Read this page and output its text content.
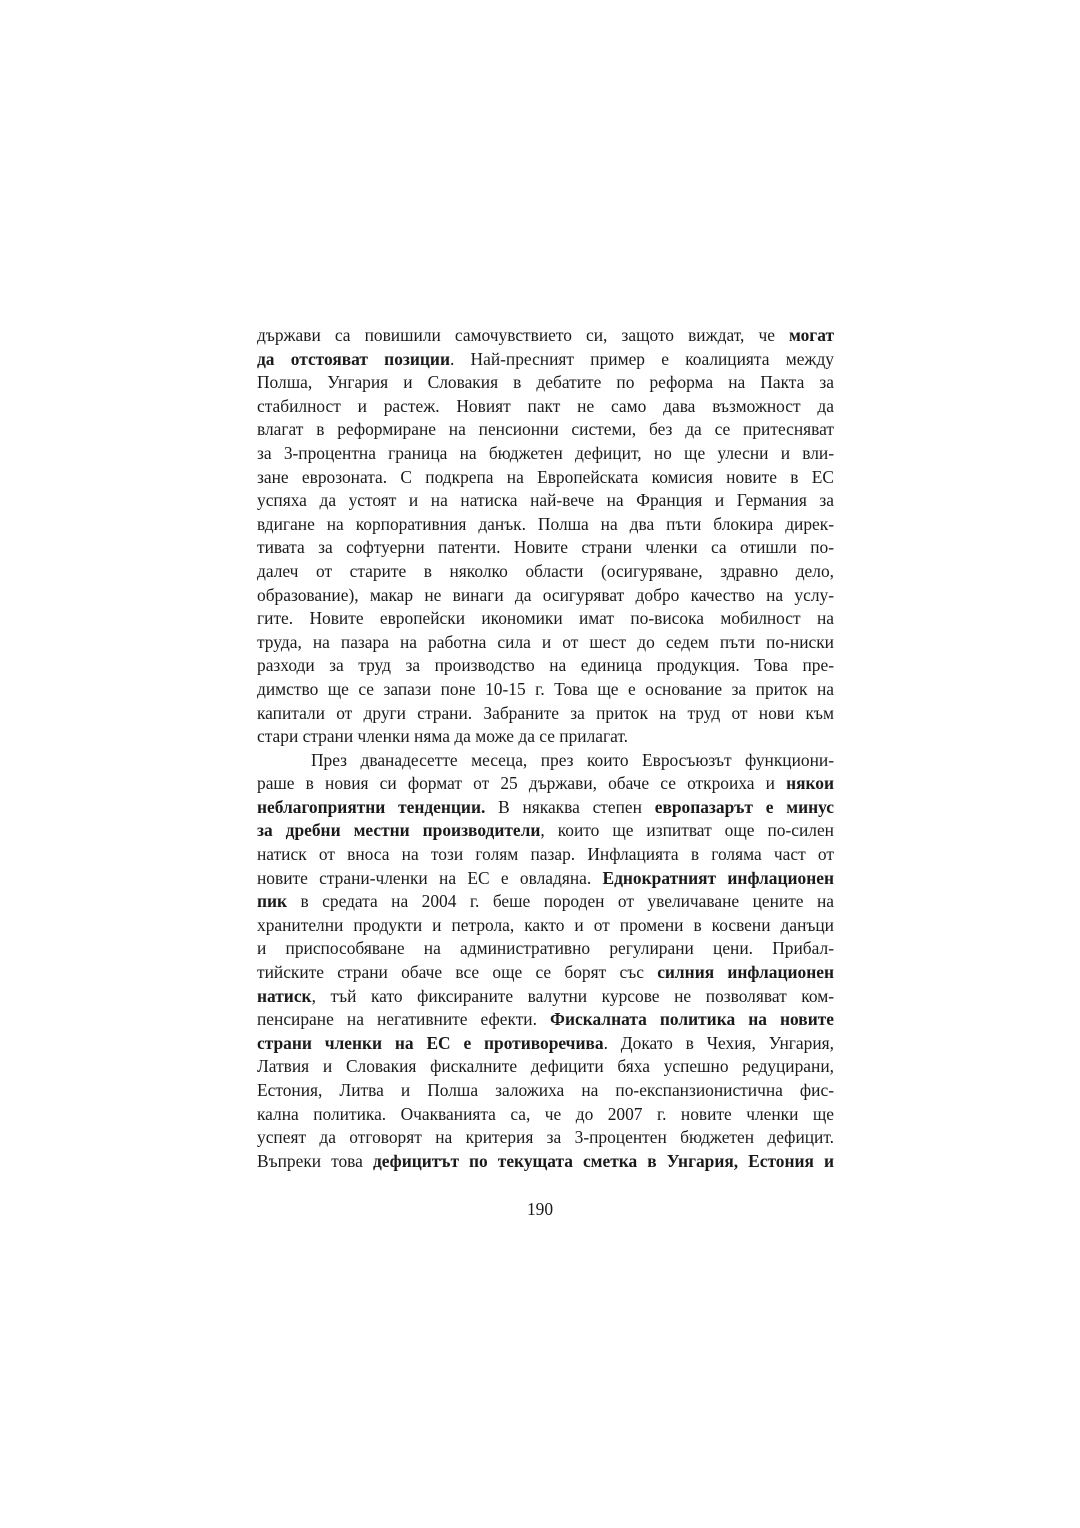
държави са повишили самочувствието си, защото виждат, че могат
да отстояват позиции. Най-пресният пример е коалицията между
Полша, Унгария и Словакия в дебатите по реформа на Пакта за
стабилност и растеж. Новият пакт не само дава възможност да
влагат в реформиране на пенсионни системи, без да се притесняват
за 3-процентна граница на бюджетен дефицит, но ще улесни и вли-
зане еврозоната. С подкрепа на Европейската комисия новите в ЕС
успяха да устоят и на натиска най-вече на Франция и Германия за
вдигане на корпоративния данък. Полша на два пъти блокира дирек-
тивата за софтуерни патенти. Новите страни членки са отишли по-
далеч от старите в няколко области (осигуряване, здравно дело,
образование), макар не винаги да осигуряват добро качество на услу-
гите. Новите европейски икономики имат по-висока мобилност на
труда, на пазара на работна сила и от шест до седем пъти по-ниски
разходи за труд за производство на единица продукция. Това пре-
димство ще се запази поне 10-15 г. Това ще е основание за приток на
капитали от други страни. Забраните за приток на труд от нови към
стари страни членки няма да може да се прилагат.
През дванадесетте месеца, през които Евросъюзът функциони-
раше в новия си формат от 25 държави, обаче се откроиха и някои
неблагоприятни тенденции. В някаква степен европазарът е минус
за дребни местни производители, които ще изпитват още по-силен
натиск от вноса на този голям пазар. Инфлацията в голяма част от
новите страни-членки на ЕС е овладяна. Еднократният инфлационен
пик в средата на 2004 г. беше породен от увеличаване цените на
хранителни продукти и петрола, както и от промени в косвени данъци
и приспособяване на административно регулирани цени. Прибал-
тийските страни обаче все още се борят със силния инфлационен
натиск, тъй като фиксираните валутни курсове не позволяват ком-
пенсиране на негативните ефекти. Фискалната политика на новите
страни членки на ЕС е противоречива. Докато в Чехия, Унгария,
Латвия и Словакия фискалните дефицити бяха успешно редуцирани,
Естония, Литва и Полша заложиха на по-експанзионистична фис-
кална политика. Очакванията са, че до 2007 г. новите членки ще
успеят да отговорят на критерия за 3-процентен бюджетен дефицит.
Въпреки това дефицитът по текущата сметка в Унгария, Естония и
190
